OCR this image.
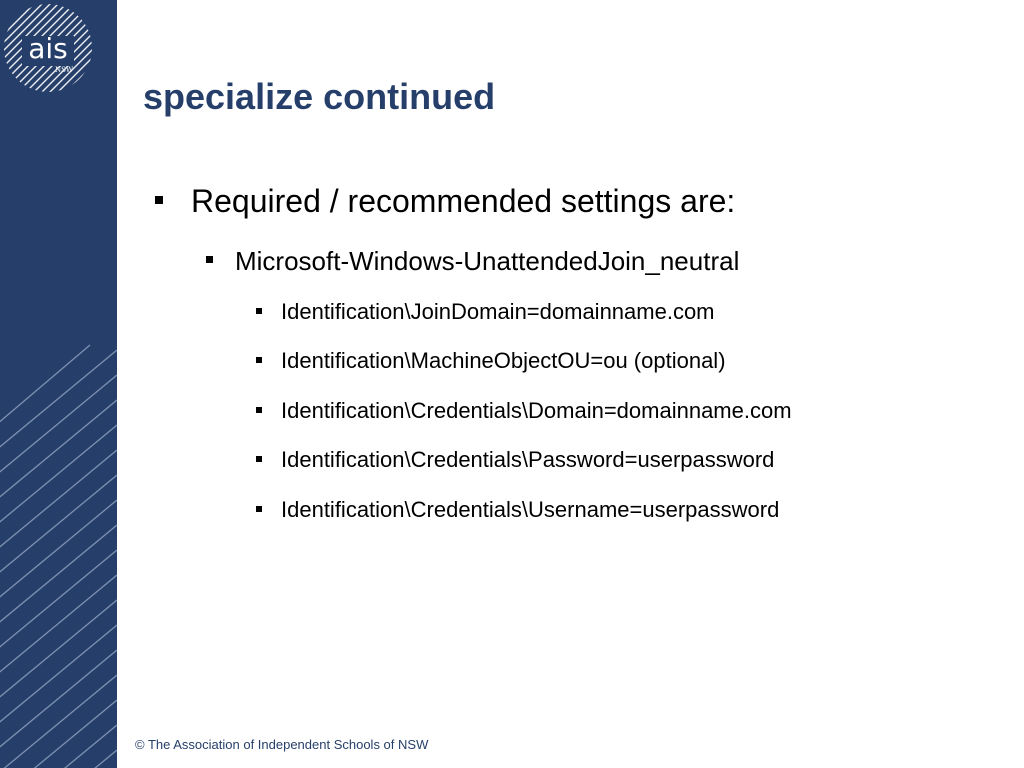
ais
NSW
specialize continued
Required / recommended settings are:
Microsoft-Windows-UnattendedJoin_neutral
Identification\JoinDomain=domainname.com
Identification\MachineObjectOU=ou (optional)
Identification\Credentials\Domain=domainname.com
Identification\Credentials\Password=userpassword
Identification\Credentials\Username=userpassword
© The Association of Independent Schools of NSW
